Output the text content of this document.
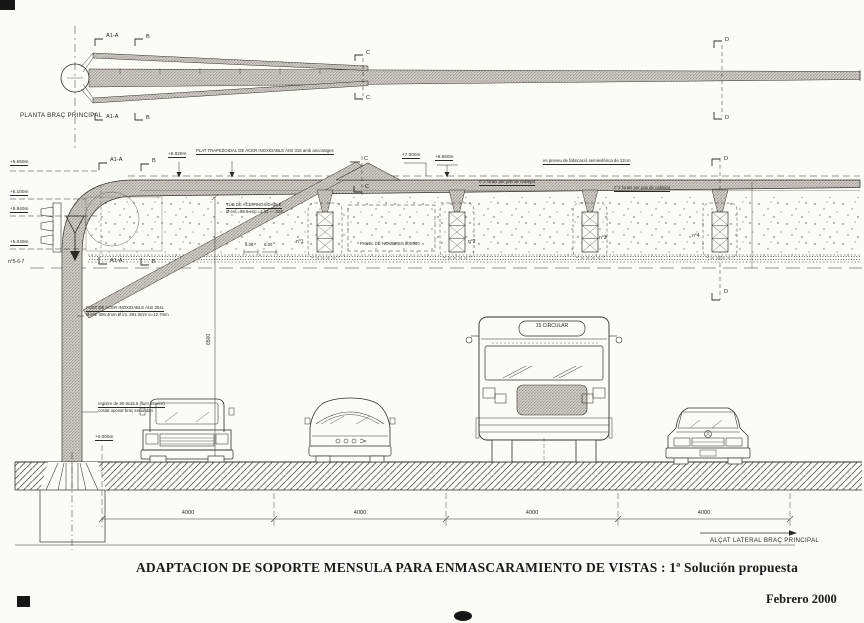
A1-A	B
A1-A	B
C
C
D
D
PLANTA BRAÇ PRINCIPAL
A1-A	B
A1-A	B
C
C
D
D
+6.650m
+6.100m
+5.940m
+5.040m
+6.820m	+7.000m	+6.650m
n°5-6-7
PLAT TRAPEZOIDAL DE ACER INOXIDABLE AISI 316 amb ancoratges
TUB DE ACER INOXIDABLE
Ø ext.=88.9 esp.=3.02 — 304L
es preveu de fabricació semiesfèrica de 12cm
n°2 forats per pas de cablejat
n°2 forats per pas de cablejat
FUST DE ACER INOXIDABLE AISI 304L
Ø ext. 406.4mm Ø int. 381.0mm e=12.7mm
registre de 90.9x15.5 (llum interior)
costat oposat braç secundari
PANEL DE NOMBRES 90X090
+0.000m
n°1	n°2
n°3	n°4
5.08 5.00
6500
15 CIRCULAR
4000	4000	4000	4000
ALÇAT LATERAL BRAÇ PRINCIPAL
ADAPTACION DE SOPORTE MENSULA PARA ENMASCARAMIENTO DE VISTAS : 1ª Solución propuesta
Febrero 2000
